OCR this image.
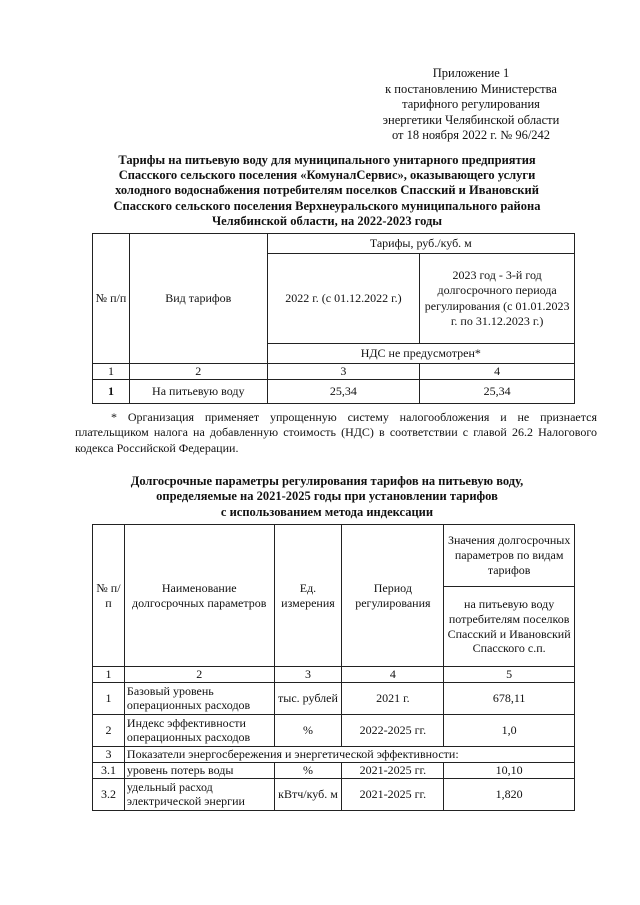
Приложение 1
к постановлению Министерства
тарифного регулирования
энергетики Челябинской области
от 18 ноября 2022 г. № 96/242
Тарифы на питьевую воду для муниципального унитарного предприятия Спасского сельского поселения «КомуналСервис», оказывающего услуги холодного водоснабжения потребителям поселков Спасский и Ивановский Спасского сельского поселения Верхнеуральского муниципального района Челябинской области, на 2022-2023 годы
№ п/п	Вид тарифов	Тарифы, руб./куб. м	
		2022 г. (с 01.12.2022 г.)	2023 год - 3-й год долгосрочного периода регулирования (с 01.01.2023 г. по 31.12.2023 г.)
		НДС не предусмотрен*	
1	2	3	4
1	На питьевую воду	25,34	25,34
* Организация применяет упрощенную систему налогообложения и не признается плательщиком налога на добавленную стоимость (НДС) в соответствии с главой 26.2 Налогового кодекса Российской Федерации.
Долгосрочные параметры регулирования тарифов на питьевую воду,
определяемые на 2021-2025 годы при установлении тарифов
с использованием метода индексации
№ п/п	Наименование долгосрочных параметров	Ед. измерения	Период регулирования	Значения долгосрочных параметров по видам тарифов
				на питьевую воду потребителям поселков Спасский и Ивановский Спасского с.п.
1	2	3	4	5
1	Базовый уровень операционных расходов	тыс. рублей	2021 г.	678,11
2	Индекс эффективности операционных расходов	%	2022-2025 гг.	1,0
3	Показатели энергосбережения и энергетической эффективности:			
3.1	уровень потерь воды	%	2021-2025 гг.	10,10
3.2	удельный расход электрической энергии	кВтч/куб. м	2021-2025 гг.	1,820
